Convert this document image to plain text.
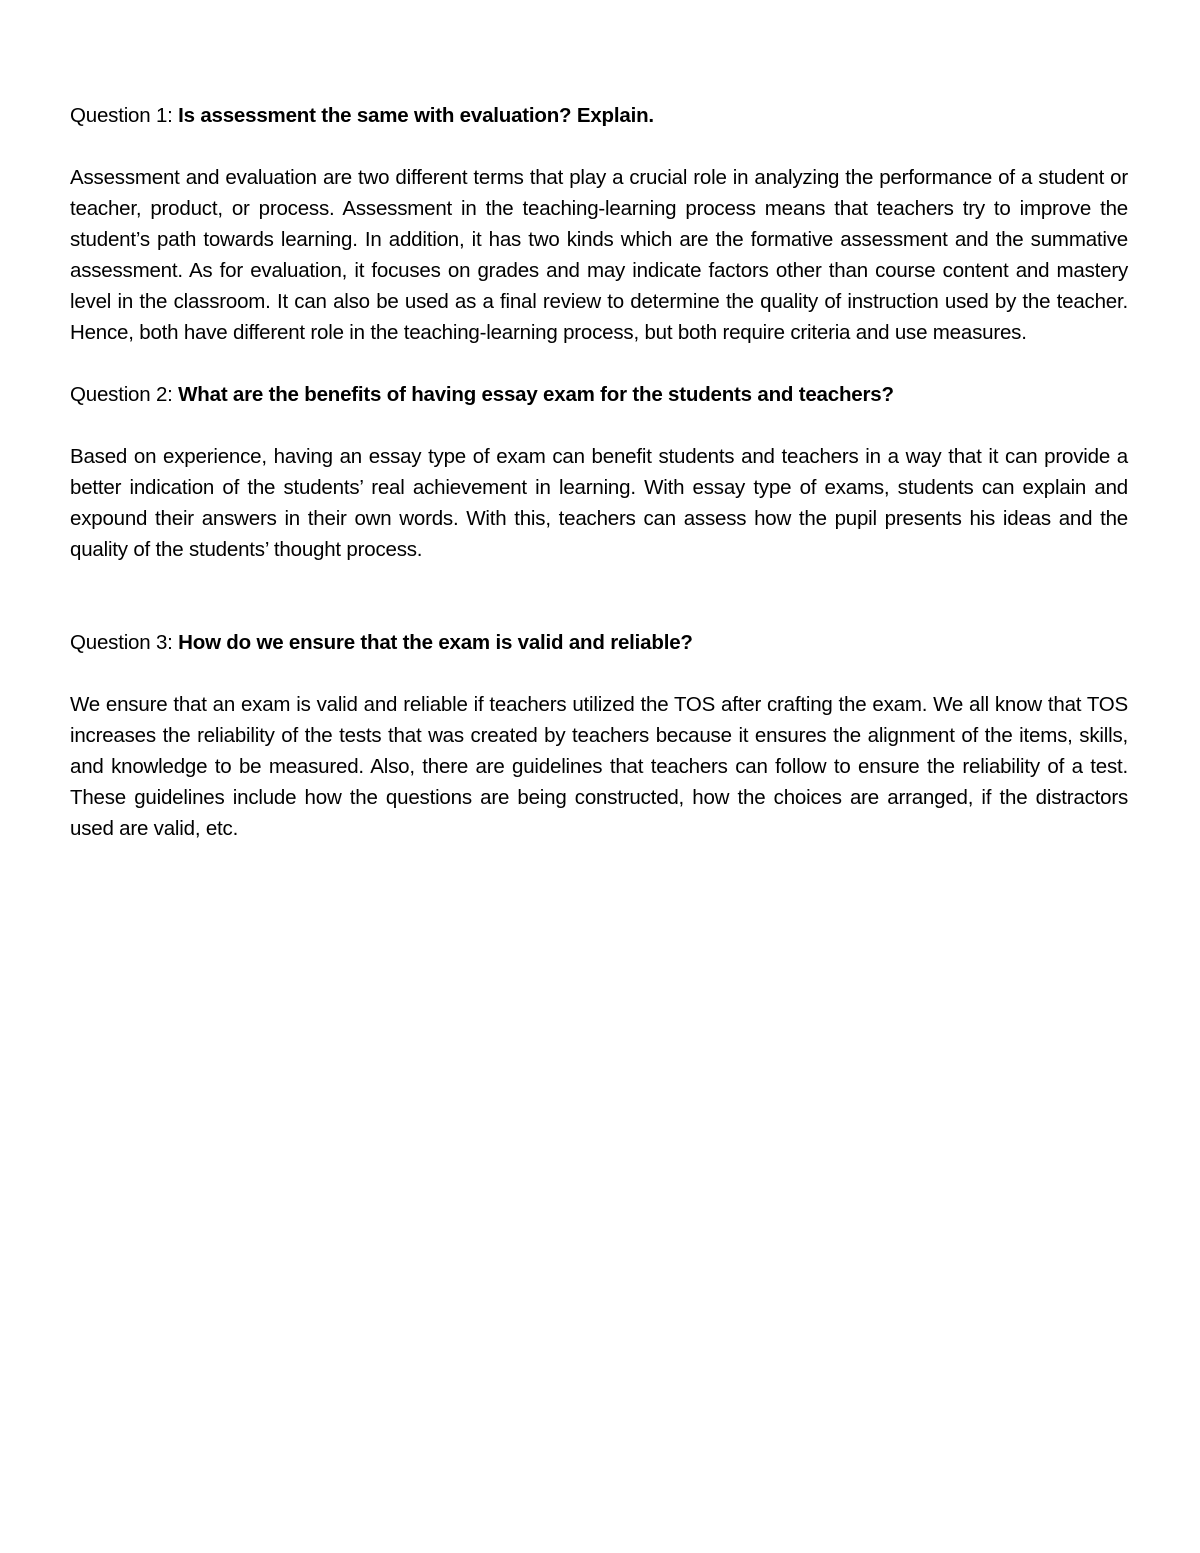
Question 1: Is assessment the same with evaluation? Explain.

Assessment and evaluation are two different terms that play a crucial role in analyzing the performance of a student or teacher, product, or process. Assessment in the teaching-learning process means that teachers try to improve the student’s path towards learning. In addition, it has two kinds which are the formative assessment and the summative assessment. As for evaluation, it focuses on grades and may indicate factors other than course content and mastery level in the classroom. It can also be used as a final review to determine the quality of instruction used by the teacher. Hence, both have different role in the teaching-learning process, but both require criteria and use measures.

Question 2: What are the benefits of having essay exam for the students and teachers?

Based on experience, having an essay type of exam can benefit students and teachers in a way that it can provide a better indication of the students’ real achievement in learning. With essay type of exams, students can explain and expound their answers in their own words. With this, teachers can assess how the pupil presents his ideas and the quality of the students’ thought process.

Question 3: How do we ensure that the exam is valid and reliable?

We ensure that an exam is valid and reliable if teachers utilized the TOS after crafting the exam. We all know that TOS increases the reliability of the tests that was created by teachers because it ensures the alignment of the items, skills, and knowledge to be measured. Also, there are guidelines that teachers can follow to ensure the reliability of a test. These guidelines include how the questions are being constructed, how the choices are arranged, if the distractors used are valid, etc.
